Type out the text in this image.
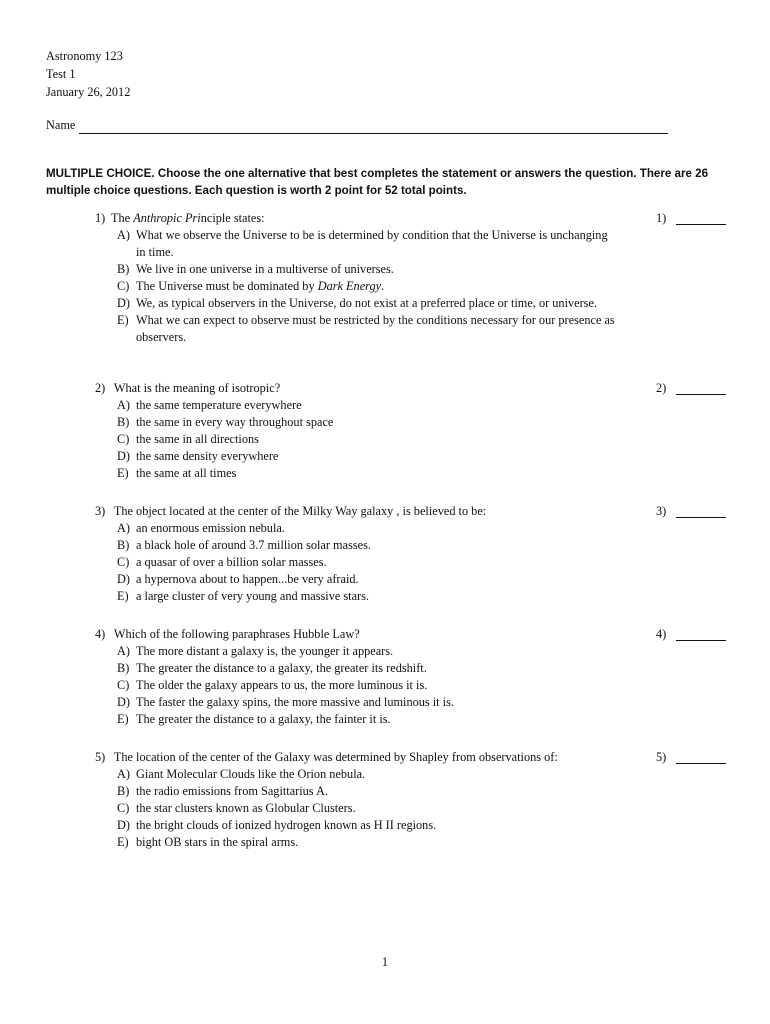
Astronomy 123
Test 1
January 26, 2012
Name
MULTIPLE CHOICE. Choose the one alternative that best completes the statement or answers the question. There are 26 multiple choice questions. Each question is worth 2 point for 52 total points.
1) The Anthropic Principle states:	1)
A) What we observe the Universe to be is determined by condition that the Universe is unchanging in time.
B) We live in one universe in a multiverse of universes.
C) The Universe must be dominated by Dark Energy.
D) We, as typical observers in the Universe, do not exist at a preferred place or time, or universe.
E) What we can expect to observe must be restricted by the conditions necessary for our presence as observers.
2) What is the meaning of isotropic?	2)
A) the same temperature everywhere
B) the same in every way throughout space
C) the same in all directions
D) the same density everywhere
E) the same at all times
3) The object located at the center of the Milky Way galaxy , is believed to be:	3)
A) an enormous emission nebula.
B) a black hole of around 3.7 million solar masses.
C) a quasar of over a billion solar masses.
D) a hypernova about to happen...be very afraid.
E) a large cluster of very young and massive stars.
4) Which of the following paraphrases Hubble Law?	4)
A) The more distant a galaxy is, the younger it appears.
B) The greater the distance to a galaxy, the greater its redshift.
C) The older the galaxy appears to us, the more luminous it is.
D) The faster the galaxy spins, the more massive and luminous it is.
E) The greater the distance to a galaxy, the fainter it is.
5) The location of the center of the Galaxy was determined by Shapley from observations of:	5)
A) Giant Molecular Clouds like the Orion nebula.
B) the radio emissions from Sagittarius A.
C) the star clusters known as Globular Clusters.
D) the bright clouds of ionized hydrogen known as H II regions.
E) bight OB stars in the spiral arms.
1
